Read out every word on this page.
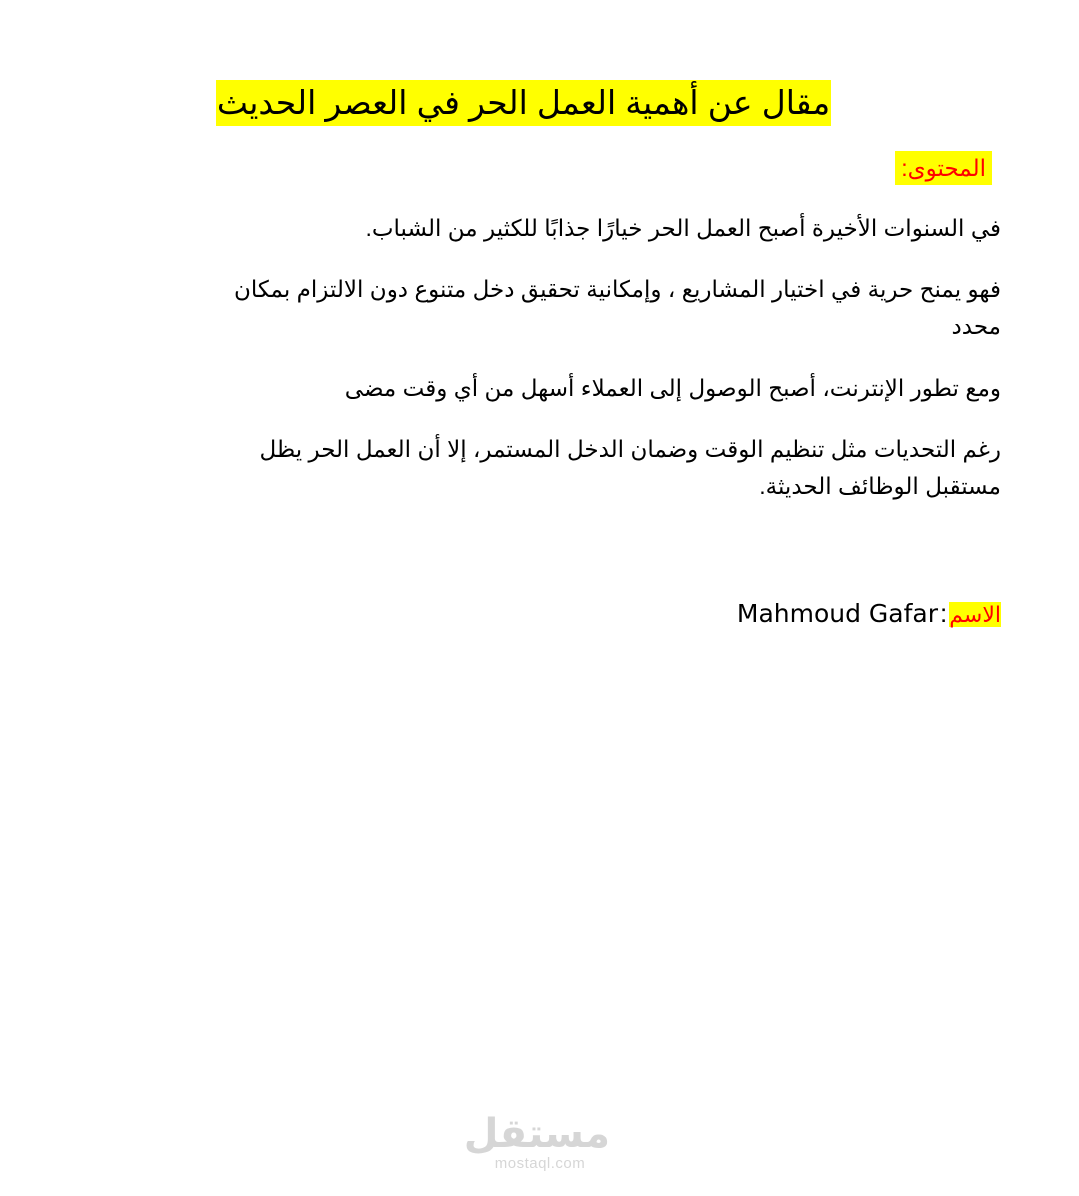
مقال عن أهمية العمل الحر في العصر الحديث
المحتوى:

في السنوات الأخيرة أصبح العمل الحر خيارًا جذابًا للكثير من الشباب.

فهو يمنح حرية في اختيار المشاريع ، وإمكانية تحقيق دخل متنوع دون الالتزام بمكان محدد

ومع تطور الإنترنت، أصبح الوصول إلى العملاء أسهل من أي وقت مضى

رغم التحديات مثل تنظيم الوقت وضمان الدخل المستمر، إلا أن العمل الحر يظل مستقبل الوظائف الحديثة.

الاسم:Mahmoud Gafar
مستقل
mostaql.com
